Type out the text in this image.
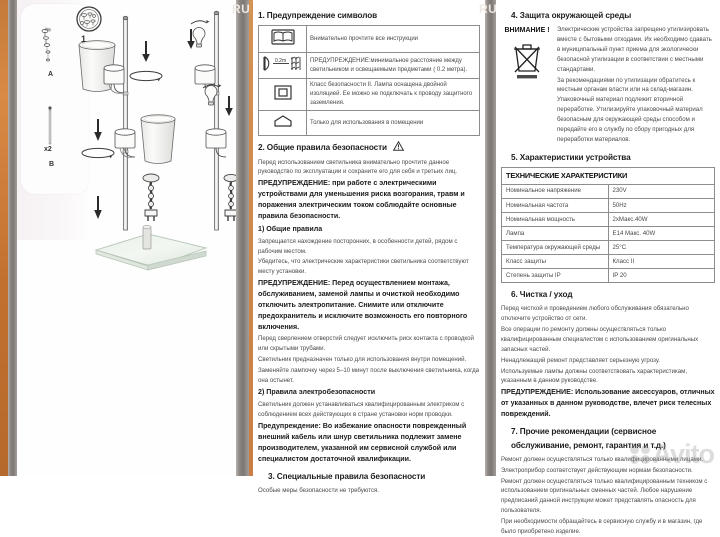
A
x2
B
1
RU	RU
1. Предупреждение символов
	Внимательно прочтите все инструкции

0.2m	ПРЕДУПРЕЖДЕНИЕ:минимальное расстояние между светильником и освещаемыми предметами ( 0.2 метра).
	Класс безопасности II. Лампа оснащена двойной изоляцией. Ее можно не подключать к проводу защитного заземления.
	Только для использования в помещении
2. Общие правила безопасности

Перед использованием светильника внимательно прочтите данное руководство по эксплуатации и сохраните его для себя и третьих лиц.

ПРЕДУПРЕЖДЕНИЕ: при работе с электрическими устройствами для уменьшения риска возгорания, травм и поражения электрическим током соблюдайте основные правила безопасности.

1) Общие правила

Запрещается нахождение посторонних, в особенности детей, рядом с рабочим местом.

Убедитесь, что электрические характеристики светильника соответствуют месту установки.

ПРЕДУПРЕЖДЕНИЕ: Перед осуществлением монтажа, обслуживанием, заменой лампы и очисткой необходимо отключить электропитание. Снимите или отключите предохранитель и исключите возможность его повторного включения.

Перед сверлением отверстий следует исключить риск контакта с проводкой или скрытыми трубами.

Светильник предназначен только для использования внутри помещений.

Заменяйте лампочку через 5–10 минут после выключения светильника, когда она остынет.

2) Правила электробезопасности

Светильник должен устанавливаться квалифицированным электриком с соблюдением всех действующих в стране установки норм проводки.

Предупреждение: Во избежание опасности поврежденный внешний кабель или шнур светильника подлежит замене производителем, указанной им сервисной службой или специалистом достаточной квалификации.

3. Специальные правила безопасности

Особые меры безопасности не требуются.

4. Защита окружающей среды
ВНИМАНИЕ !	Электрические устройства запрещено утилизировать вместе с бытовыми отходами. Их необходимо сдавать в муниципальный пункт приема для экологически безопасной утилизации в соответствии с местными стандартами.

За рекомендациями по утилизации обратитесь к местным органам власти или на склад-магазин. Упаковочный материал подлежит вторичной переработке. Утилизируйте упаковочный материал безопасным для окружающей среды способом и передайте его в службу по сбору пригодных для переработки материалов.

5. Характеристики устройства
ТЕХНИЧЕСКИЕ ХАРАКТЕРИСТИКИ	
Номинальное напряжение	230V
Номинальная частота	50Hz
Номинальная мощность	2хМакс.40W
Лампа	E14 Макс. 40W
Температура окружающей среды	25°C
Класс защиты	Класс II
Степень защиты IP	IP 20
6. Чистка / уход

Перед чисткой и проведением любого обслуживания обязательно отключите устройство от сети.

Все операции по ремонту должны осуществляться только квалифицированным специалистом с использованием оригинальных запасных частей.

Ненадлежащий ремонт представляет серьезную угрозу.

Используемые лампы должны соответствовать характеристикам, указанным в данном руководстве.

ПРЕДУПРЕЖДЕНИЕ: Использование аксессуаров, отличных от указанных в данном руководстве, влечет риск телесных повреждений.

7. Прочие рекомендации (сервисное обслуживание, ремонт, гарантия и т.д.)

Ремонт должен осуществляться только квалифицированными лицами.

Электроприбор соответствует действующим нормам безопасности.

Ремонт должен осуществляться только квалифицированным техником с использованием оригинальных сменных частей. Любое нарушение предписаний данной инструкции может представлять опасность для пользователя.

При необходимости обращайтесь в сервисную службу и в магазин, где было приобретено изделие.

Avito
